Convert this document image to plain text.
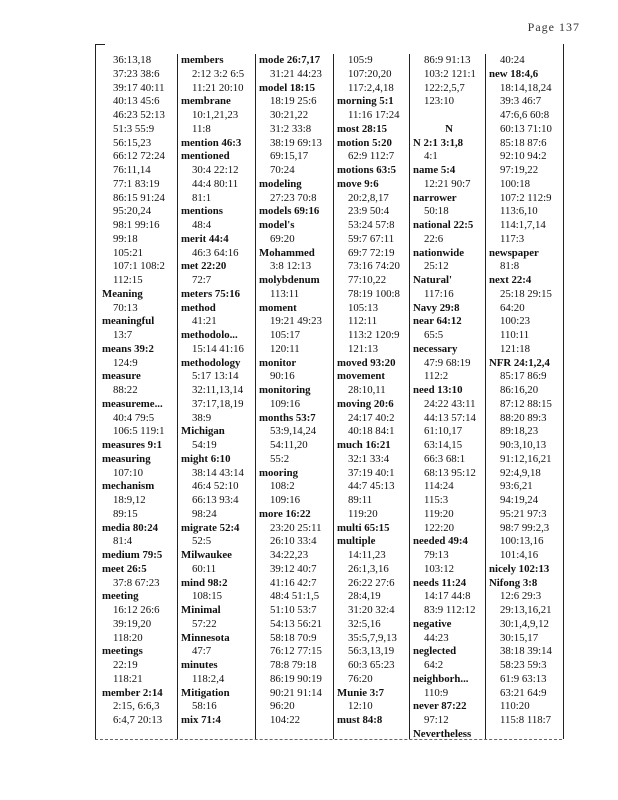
Page 137
36:13,18
37:23 38:6
39:17 40:11
40:13 45:6
46:23 52:13
51:3 55:9
56:15,23
66:12 72:24
76:11,14
77:1 83:19
86:15 91:24
95:20,24
98:1 99:16
99:18
105:21
107:1 108:2
112:15
Meaning
70:13
meaningful
13:7
means 39:2
124:9
measure
88:22
measureme...
40:4 79:5
106:5 119:1
measures 9:1
measuring
107:10
mechanism
18:9,12
89:15
media 80:24
81:4
medium 79:5
meet 26:5
37:8 67:23
meeting
16:12 26:6
39:19,20
118:20
meetings
22:19
118:21
member 2:14
2:15, 6:6,3
6:4,7 20:13
members
2:12 3:2 6:5
11:21 20:10
membrane
10:1,21,23
11:8
mention 46:3
mentioned
30:4 22:12
44:4 80:11
81:1
mentions
48:4
merit 44:4
46:3 64:16
met 22:20
72:7
meters 75:16
method
41:21
methodolo...
15:14 41:16
methodology
5:17 13:14
32:11,13,14
37:17,18,19
38:9
Michigan
54:19
might 6:10
38:14 43:14
46:4 52:10
66:13 93:4
98:24
migrate 52:4
52:5
Milwaukee
60:11
mind 98:2
108:15
Minimal
57:22
Minnesota
47:7
minutes
118:2,4
Mitigation
58:16
mix 71:4
mode 26:7,17
31:21 44:23
model 18:15
18:19 25:6
30:21,22
31:2 33:8
38:19 69:13
69:15,17
70:24
modeling
27:23 70:8
models 69:16
model's
69:20
Mohammed
3:8 12:13
molybdenum
113:11
moment
19:21 49:23
105:17
120:11
monitor
90:16
monitoring
109:16
months 53:7
53:9,14,24
54:11,20
55:2
mooring
108:2
109:16
more 16:22
23:20 25:11
26:10 33:4
34:22,23
39:12 40:7
41:16 42:7
48:4 51:1,5
51:10 53:7
54:13 56:21
58:18 70:9
76:12 77:15
78:8 79:18
86:19 90:19
90:21 91:14
96:20
104:22
105:9
107:20,20
117:2,4,18
morning 5:1
11:16 17:24
most 28:15
motion 5:20
62:9 112:7
motions 63:5
move 9:6
20:2,8,17
23:9 50:4
53:24 57:8
59:7 67:11
69:7 72:19
73:16 74:20
77:10,22
78:19 100:8
105:13
112:11
113:2 120:9
121:13
moved 93:20
movement
28:10,11
moving 20:6
24:17 40:2
40:18 84:1
much 16:21
32:1 33:4
37:19 40:1
44:7 45:13
89:11
119:20
multi 65:15
multiple
14:11,23
26:1,3,16
26:22 27:6
28:4,19
31:20 32:4
32:5,16
35:5,7,9,13
56:3,13,19
60:3 65:23
76:20
Munie 3:7
12:10
must 84:8
86:9 91:13
103:2 121:1
122:2,5,7
123:10
N
N 2:1 3:1,8
4:1
name 5:4
12:21 90:7
narrower
50:18
national 22:5
22:6
nationwide
25:12
Natural'
117:16
Navy 29:8
near 64:12
65:5
necessary
47:9 68:19
112:2
need 13:10
24:22 43:11
44:13 57:14
61:10,17
63:14,15
66:3 68:1
68:13 95:12
114:24
115:3
119:20
122:20
needed 49:4
79:13
103:12
needs 11:24
14:17 44:8
83:9 112:12
negative
44:23
neglected
64:2
neighborh...
110:9
never 87:22
97:12
Nevertheless
40:24
new 18:4,6
18:14,18,24
39:3 46:7
47:6,6 60:8
60:13 71:10
85:18 87:6
92:10 94:2
97:19,22
100:18
107:2 112:9
113:6,10
114:1,7,14
117:3
newspaper
81:8
next 22:4
25:18 29:15
64:20
100:23
110:11
121:18
NFR 24:1,2,4
85:17 86:9
86:16,20
87:12 88:15
88:20 89:3
89:18,23
90:3,10,13
91:12,16,21
92:4,9,18
93:6,21
94:19,24
95:21 97:3
98:7 99:2,3
100:13,16
101:4,16
nicely 102:13
Nifong 3:8
12:6 29:3
29:13,16,21
30:1,4,9,12
30:15,17
38:18 39:14
58:23 59:3
61:9 63:13
63:21 64:9
110:20
115:8 118:7
